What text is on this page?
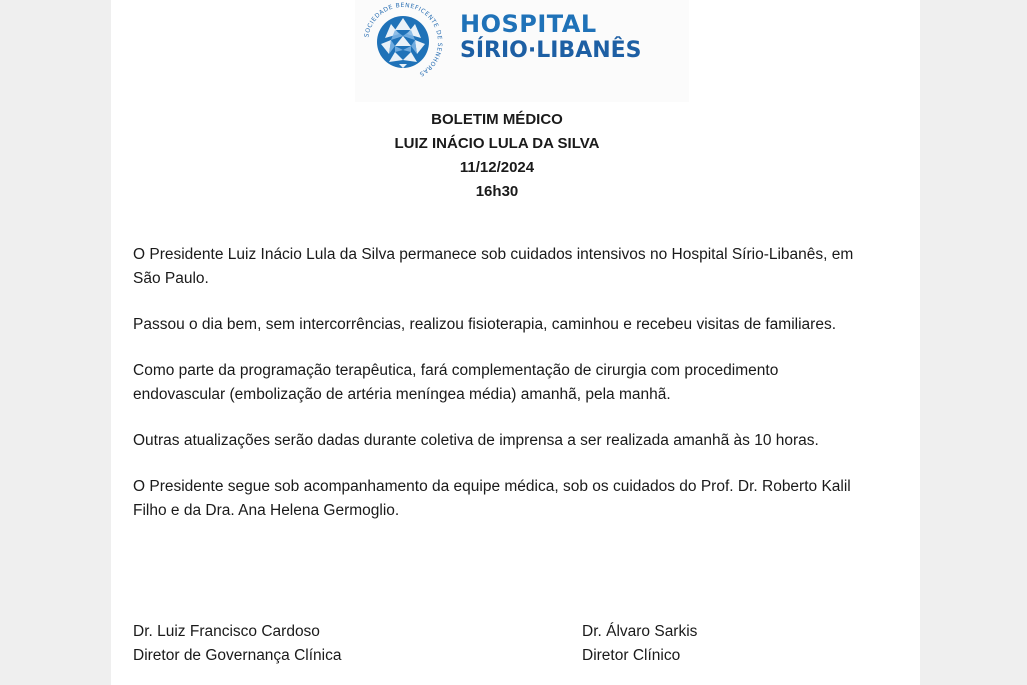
SOCIEDADE BENEFICENTE DE SENHORAS
HOSPITAL
SÍRIO·LIBANÊS
BOLETIM MÉDICO
LUIZ INÁCIO LULA DA SILVA
11/12/2024
16h30

O Presidente Luiz Inácio Lula da Silva permanece sob cuidados intensivos no Hospital Sírio-Libanês, em São Paulo.

Passou o dia bem, sem intercorrências, realizou fisioterapia, caminhou e recebeu visitas de familiares.

Como parte da programação terapêutica, fará complementação de cirurgia com procedimento endovascular (embolização de artéria meníngea média) amanhã, pela manhã.

Outras atualizações serão dadas durante coletiva de imprensa a ser realizada amanhã às 10 horas.

O Presidente segue sob acompanhamento da equipe médica, sob os cuidados do Prof. Dr. Roberto Kalil Filho e da Dra. Ana Helena Germoglio.

Dr. Luiz Francisco Cardoso
Diretor de Governança Clínica
Dr. Álvaro Sarkis
Diretor Clínico
